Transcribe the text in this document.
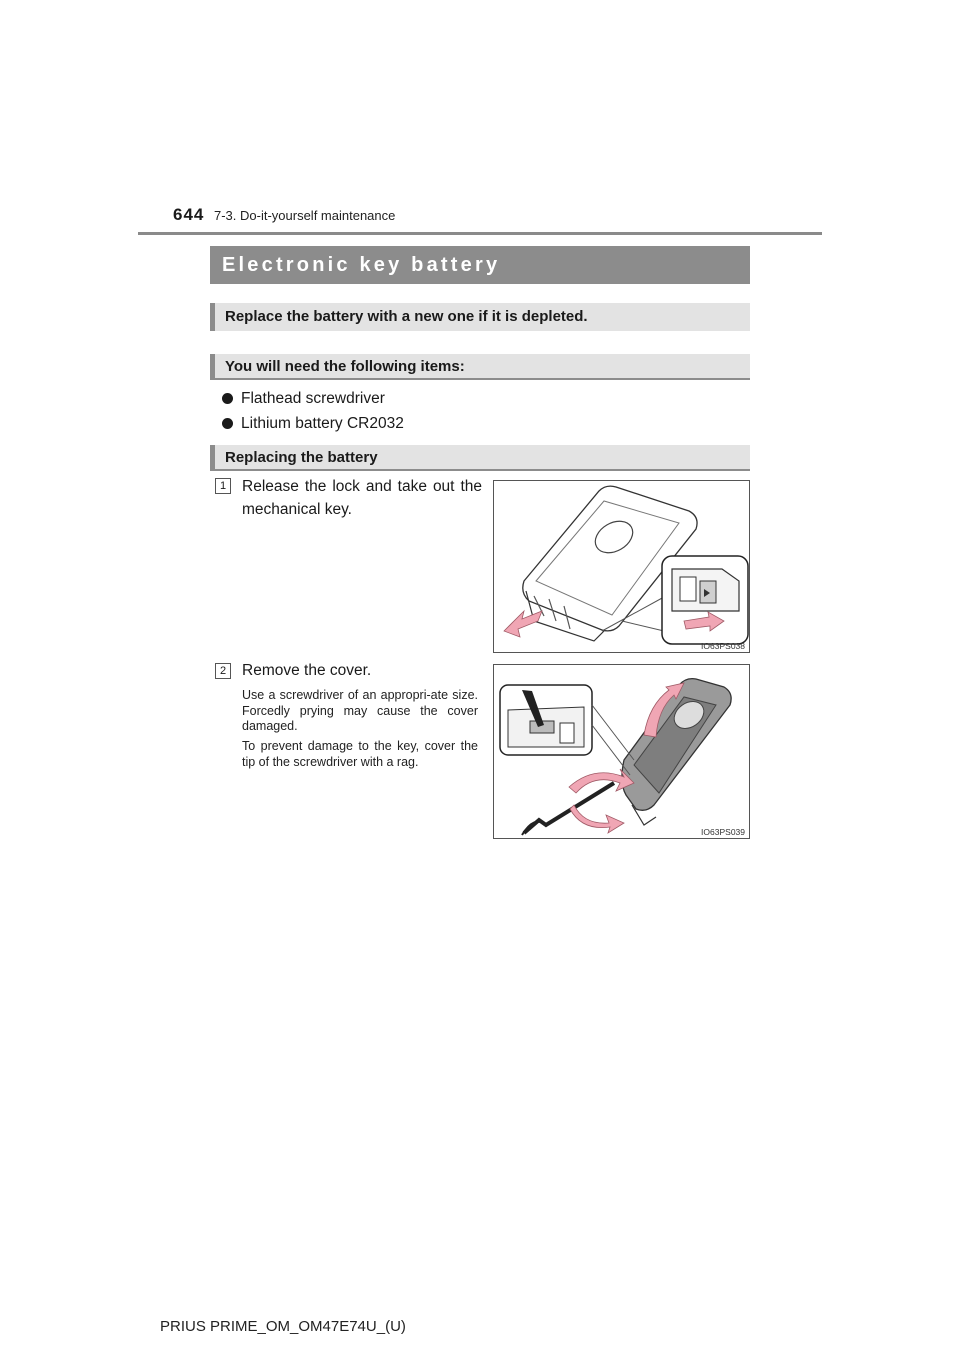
644 7-3. Do-it-yourself maintenance
Electronic key battery
Replace the battery with a new one if it is depleted.
You will need the following items:
Flathead screwdriver
Lithium battery CR2032
Replacing the battery
1	Release the lock and take out the mechanical key.
IO63PS038
2	Remove the cover.
Use a screwdriver of an appropri-ate size. Forcedly prying may cause the cover damaged.
To prevent damage to the key, cover the tip of the screwdriver with a rag.
IO63PS039
PRIUS PRIME_OM_OM47E74U_(U)
